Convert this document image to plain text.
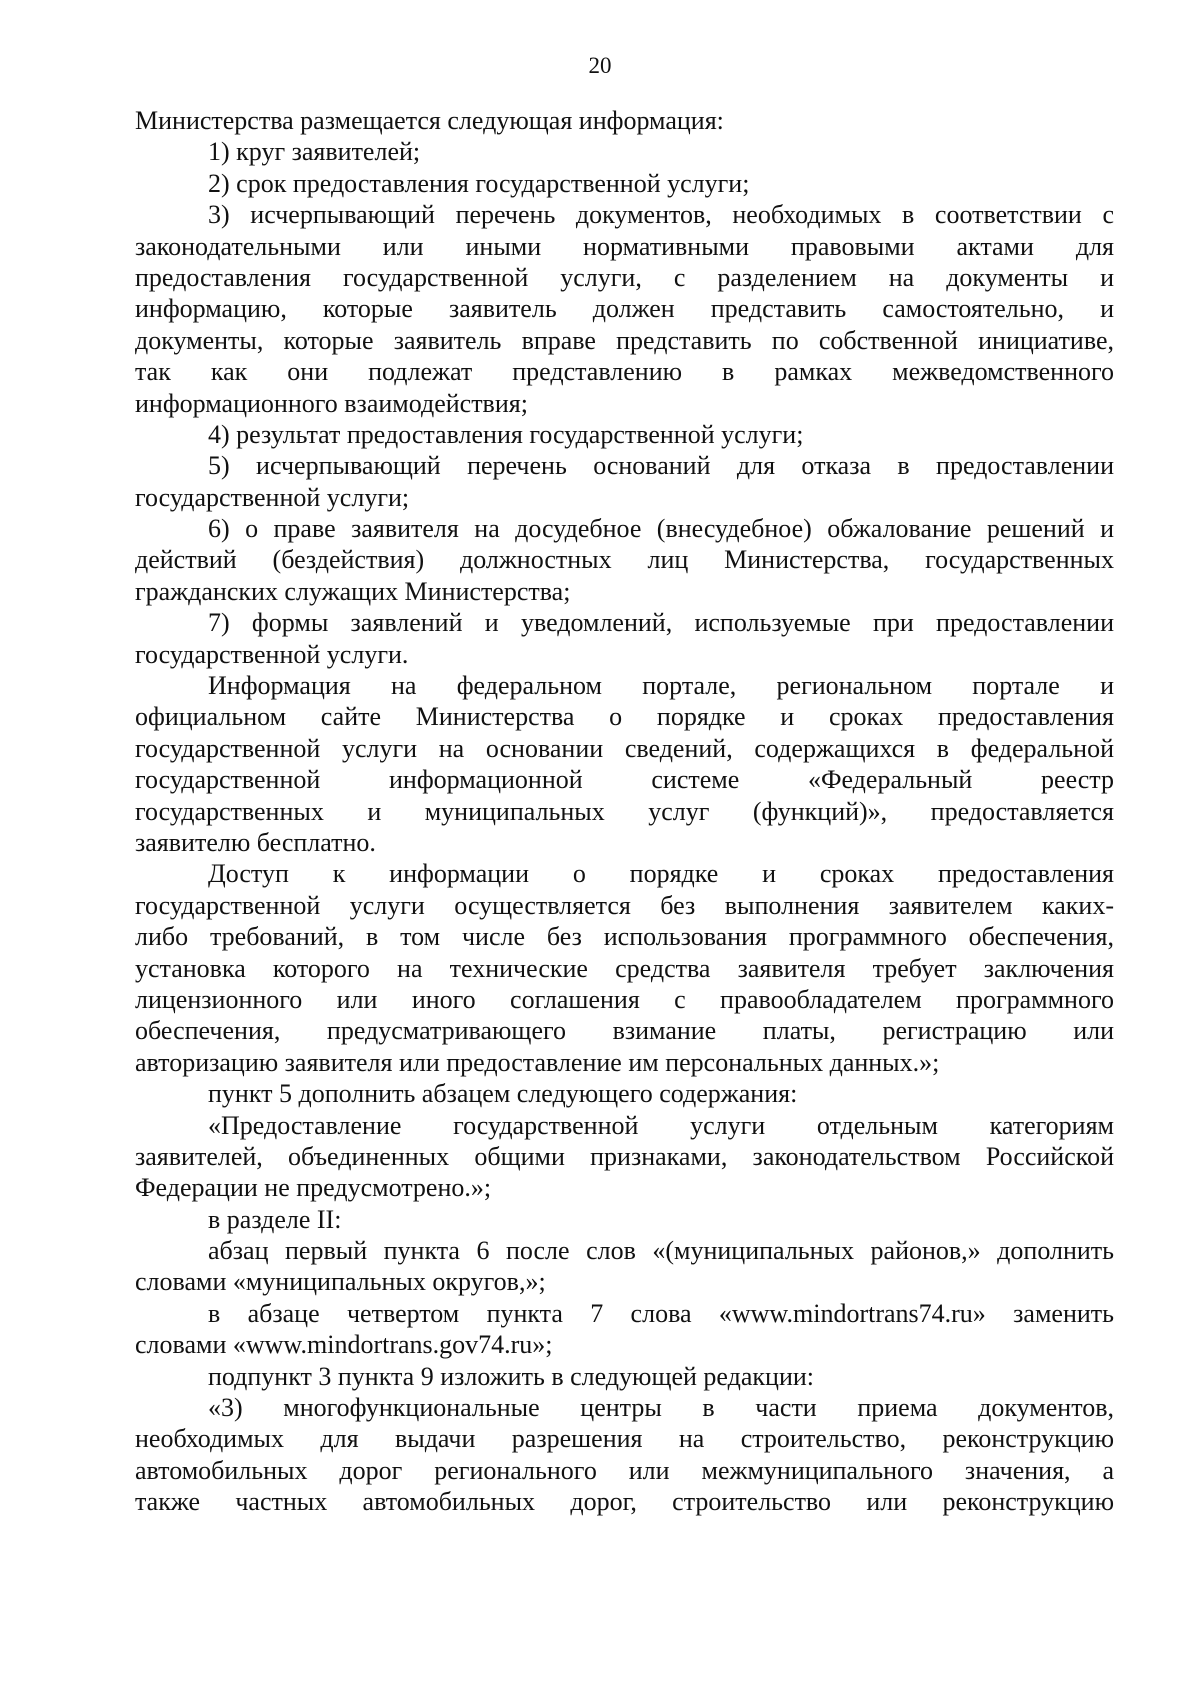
20
Министерства размещается следующая информация:
1) круг заявителей;
2) срок предоставления государственной услуги;
3) исчерпывающий перечень документов, необходимых в соответствии с
законодательными или иными нормативными правовыми актами для
предоставления государственной услуги, с разделением на документы и
информацию, которые заявитель должен представить самостоятельно, и
документы, которые заявитель вправе представить по собственной инициативе,
так как они подлежат представлению в рамках межведомственного
информационного взаимодействия;
4) результат предоставления государственной услуги;
5) исчерпывающий перечень оснований для отказа в предоставлении
государственной услуги;
6) о праве заявителя на досудебное (внесудебное) обжалование решений и
действий (бездействия) должностных лиц Министерства, государственных
гражданских служащих Министерства;
7) формы заявлений и уведомлений, используемые при предоставлении
государственной услуги.
Информация на федеральном портале, региональном портале и
официальном сайте Министерства о порядке и сроках предоставления
государственной услуги на основании сведений, содержащихся в федеральной
государственной информационной системе «Федеральный реестр
государственных и муниципальных услуг (функций)», предоставляется
заявителю бесплатно.
Доступ к информации о порядке и сроках предоставления
государственной услуги осуществляется без выполнения заявителем каких-
либо требований, в том числе без использования программного обеспечения,
установка которого на технические средства заявителя требует заключения
лицензионного или иного соглашения с правообладателем программного
обеспечения, предусматривающего взимание платы, регистрацию или
авторизацию заявителя или предоставление им персональных данных.»;
пункт 5 дополнить абзацем следующего содержания:
«Предоставление государственной услуги отдельным категориям
заявителей, объединенных общими признаками, законодательством Российской
Федерации не предусмотрено.»;
в разделе II:
абзац первый пункта 6 после слов «(муниципальных районов,» дополнить
словами «муниципальных округов,»;
в абзаце четвертом пункта 7 слова «www.mindortrans74.ru» заменить
словами «www.mindortrans.gov74.ru»;
подпункт 3 пункта 9 изложить в следующей редакции:
«3) многофункциональные центры в части приема документов,
необходимых для выдачи разрешения на строительство, реконструкцию
автомобильных дорог регионального или межмуниципального значения, а
также частных автомобильных дорог, строительство или реконструкцию
